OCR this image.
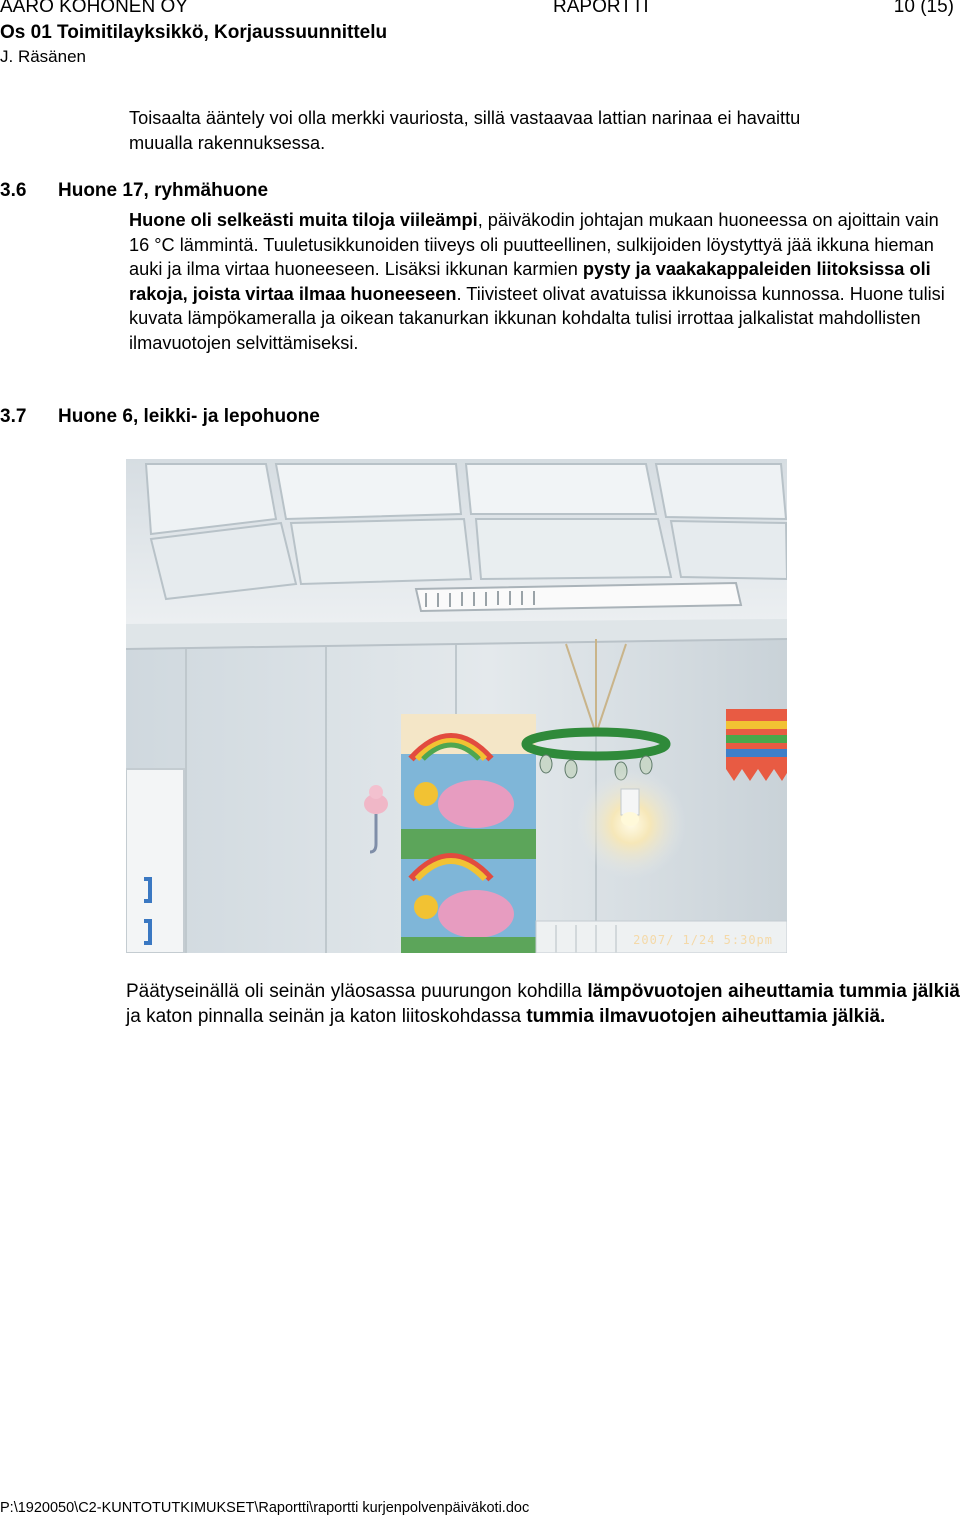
AARO KOHONEN OY	RAPORTTI	10 (15)
Os 01 Toimitilayksikkö, Korjaussuunnittelu
J. Räsänen
Toisaalta ääntely voi olla merkki vauriosta, sillä vastaavaa lattian narinaa ei havaittu
muualla rakennuksessa.
3.6 Huone 17, ryhmähuone
Huone oli selkeästi muita tiloja viileämpi, päiväkodin johtajan mukaan huoneessa on ajoittain vain 16 °C lämmintä. Tuuletusikkunoiden tiiveys oli puutteellinen, sulkijoiden löystyttyä jää ikkuna hieman auki ja ilma virtaa huoneeseen. Lisäksi ikkunan karmien pysty ja vaakakappaleiden liitoksissa oli rakoja, joista virtaa ilmaa huoneeseen. Tiivisteet olivat avatuissa ikkunoissa kunnossa. Huone tulisi kuvata lämpökameralla ja oikean takanurkan ikkunan kohdalta tulisi irrottaa jalkalistat mahdollisten ilmavuotojen selvittämiseksi.
3.7 Huone 6, leikki- ja lepohuone
2007/ 1/24 5:30pm
Päätyseinällä oli seinän yläosassa puurungon kohdilla lämpövuotojen aiheuttamia tummia jälkiä ja katon pinnalla seinän ja katon liitoskohdassa tummia ilmavuotojen aiheuttamia jälkiä.
P:\1920050\C2-KUNTOTUTKIMUKSET\Raportti\raportti kurjenpolvenpäiväkoti.doc
